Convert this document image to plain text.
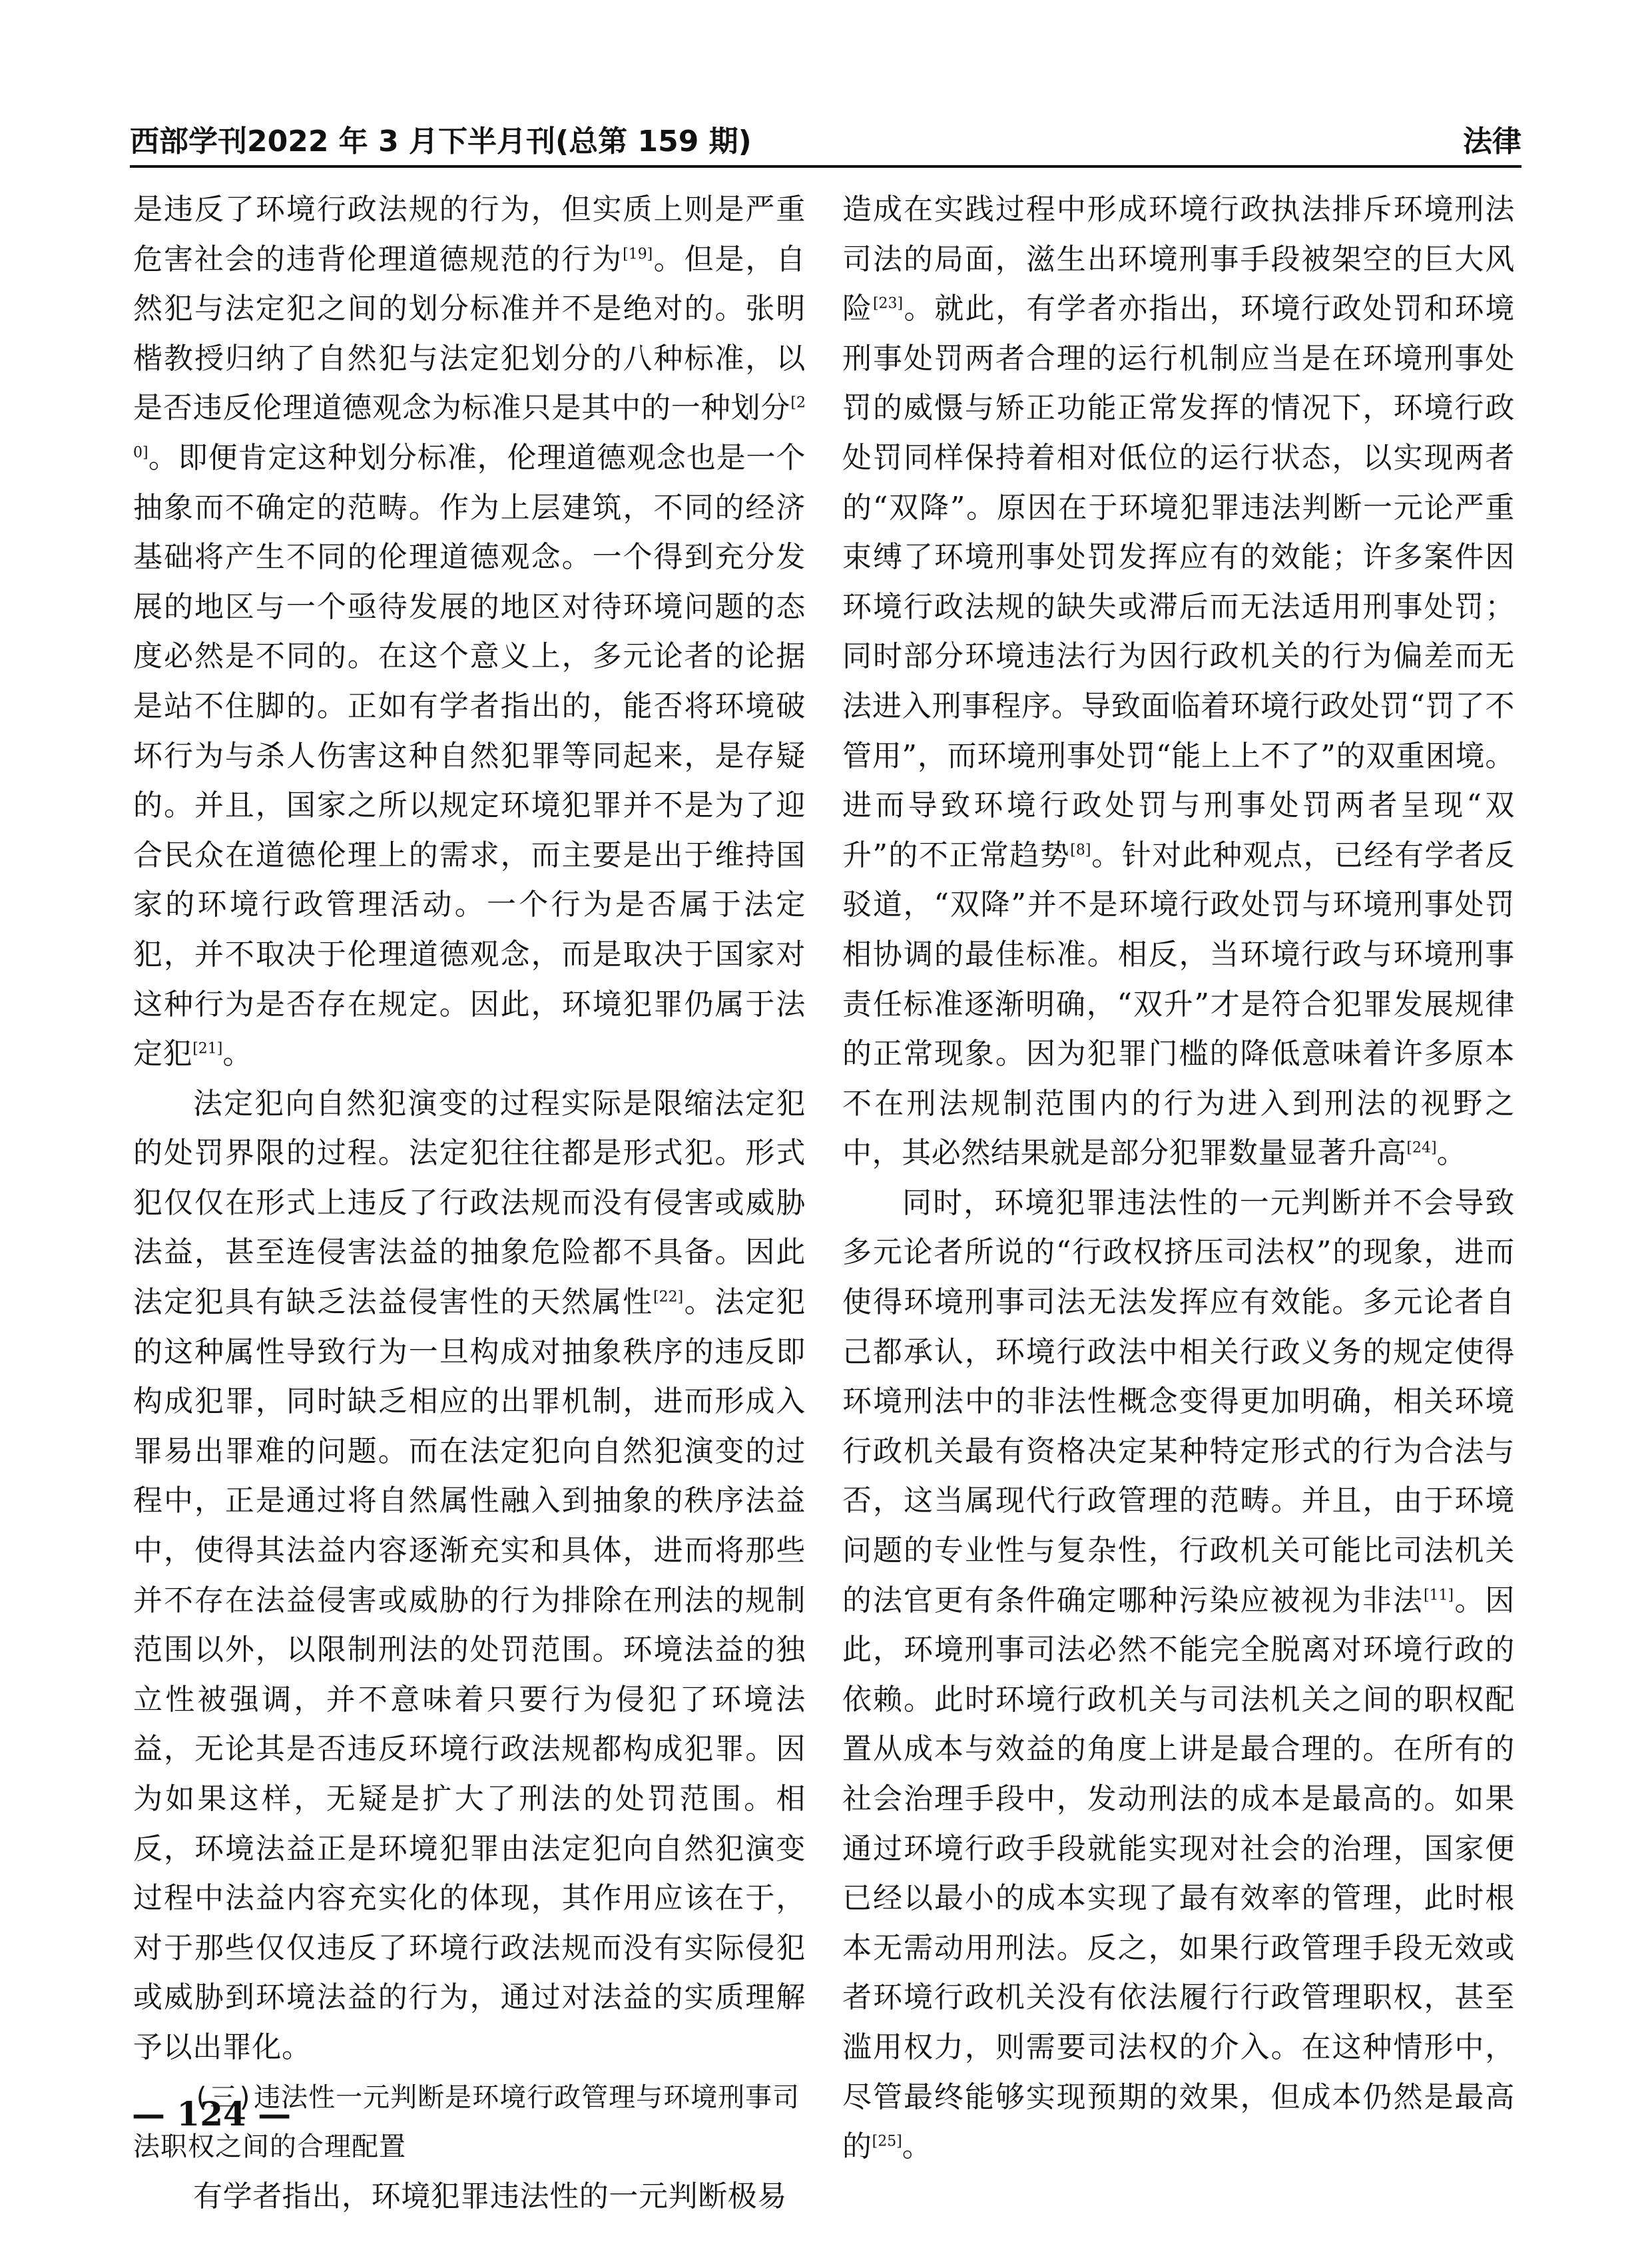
西部学刊2022 年 3 月下半月刊(总第 159 期)	法律

是违反了环境行政法规的行为，但实质上则是严重危害社会的违背伦理道德规范的行为[19]。但是，自然犯与法定犯之间的划分标准并不是绝对的。张明楷教授归纳了自然犯与法定犯划分的八种标准，以是否违反伦理道德观念为标准只是其中的一种划分[20]。即便肯定这种划分标准，伦理道德观念也是一个抽象而不确定的范畴。作为上层建筑，不同的经济基础将产生不同的伦理道德观念。一个得到充分发展的地区与一个亟待发展的地区对待环境问题的态度必然是不同的。在这个意义上，多元论者的论据是站不住脚的。正如有学者指出的，能否将环境破坏行为与杀人伤害这种自然犯罪等同起来，是存疑的。并且，国家之所以规定环境犯罪并不是为了迎合民众在道德伦理上的需求，而主要是出于维持国家的环境行政管理活动。一个行为是否属于法定犯，并不取决于伦理道德观念，而是取决于国家对这种行为是否存在规定。因此，环境犯罪仍属于法定犯[21]。

法定犯向自然犯演变的过程实际是限缩法定犯的处罚界限的过程。法定犯往往都是形式犯。形式犯仅仅在形式上违反了行政法规而没有侵害或威胁法益，甚至连侵害法益的抽象危险都不具备。因此法定犯具有缺乏法益侵害性的天然属性[22]。法定犯的这种属性导致行为一旦构成对抽象秩序的违反即构成犯罪，同时缺乏相应的出罪机制，进而形成入罪易出罪难的问题。而在法定犯向自然犯演变的过程中，正是通过将自然属性融入到抽象的秩序法益中，使得其法益内容逐渐充实和具体，进而将那些并不存在法益侵害或威胁的行为排除在刑法的规制范围以外，以限制刑法的处罚范围。环境法益的独立性被强调，并不意味着只要行为侵犯了环境法益，无论其是否违反环境行政法规都构成犯罪。因为如果这样，无疑是扩大了刑法的处罚范围。相反，环境法益正是环境犯罪由法定犯向自然犯演变过程中法益内容充实化的体现，其作用应该在于，对于那些仅仅违反了环境行政法规而没有实际侵犯或威胁到环境法益的行为，通过对法益的实质理解予以出罪化。

(三)违法性一元判断是环境行政管理与环境刑事司法职权之间的合理配置

有学者指出，环境犯罪违法性的一元判断极易

造成在实践过程中形成环境行政执法排斥环境刑法司法的局面，滋生出环境刑事手段被架空的巨大风险[23]。就此，有学者亦指出，环境行政处罚和环境刑事处罚两者合理的运行机制应当是在环境刑事处罚的威慑与矫正功能正常发挥的情况下，环境行政处罚同样保持着相对低位的运行状态，以实现两者的“双降”。原因在于环境犯罪违法判断一元论严重束缚了环境刑事处罚发挥应有的效能；许多案件因环境行政法规的缺失或滞后而无法适用刑事处罚；同时部分环境违法行为因行政机关的行为偏差而无法进入刑事程序。导致面临着环境行政处罚“罚了不管用”，而环境刑事处罚“能上上不了”的双重困境。进而导致环境行政处罚与刑事处罚两者呈现“双升”的不正常趋势[8]。针对此种观点，已经有学者反驳道，“双降”并不是环境行政处罚与环境刑事处罚相协调的最佳标准。相反，当环境行政与环境刑事责任标准逐渐明确，“双升”才是符合犯罪发展规律的正常现象。因为犯罪门槛的降低意味着许多原本不在刑法规制范围内的行为进入到刑法的视野之中，其必然结果就是部分犯罪数量显著升高[24]。

同时，环境犯罪违法性的一元判断并不会导致多元论者所说的“行政权挤压司法权”的现象，进而使得环境刑事司法无法发挥应有效能。多元论者自己都承认，环境行政法中相关行政义务的规定使得环境刑法中的非法性概念变得更加明确，相关环境行政机关最有资格决定某种特定形式的行为合法与否，这当属现代行政管理的范畴。并且，由于环境问题的专业性与复杂性，行政机关可能比司法机关的法官更有条件确定哪种污染应被视为非法[11]。因此，环境刑事司法必然不能完全脱离对环境行政的依赖。此时环境行政机关与司法机关之间的职权配置从成本与效益的角度上讲是最合理的。在所有的社会治理手段中，发动刑法的成本是最高的。如果通过环境行政手段就能实现对社会的治理，国家便已经以最小的成本实现了最有效率的管理，此时根本无需动用刑法。反之，如果行政管理手段无效或者环境行政机关没有依法履行行政管理职权，甚至滥用权力，则需要司法权的介入。在这种情形中，尽管最终能够实现预期的效果，但成本仍然是最高的[25]。

— 124 —
